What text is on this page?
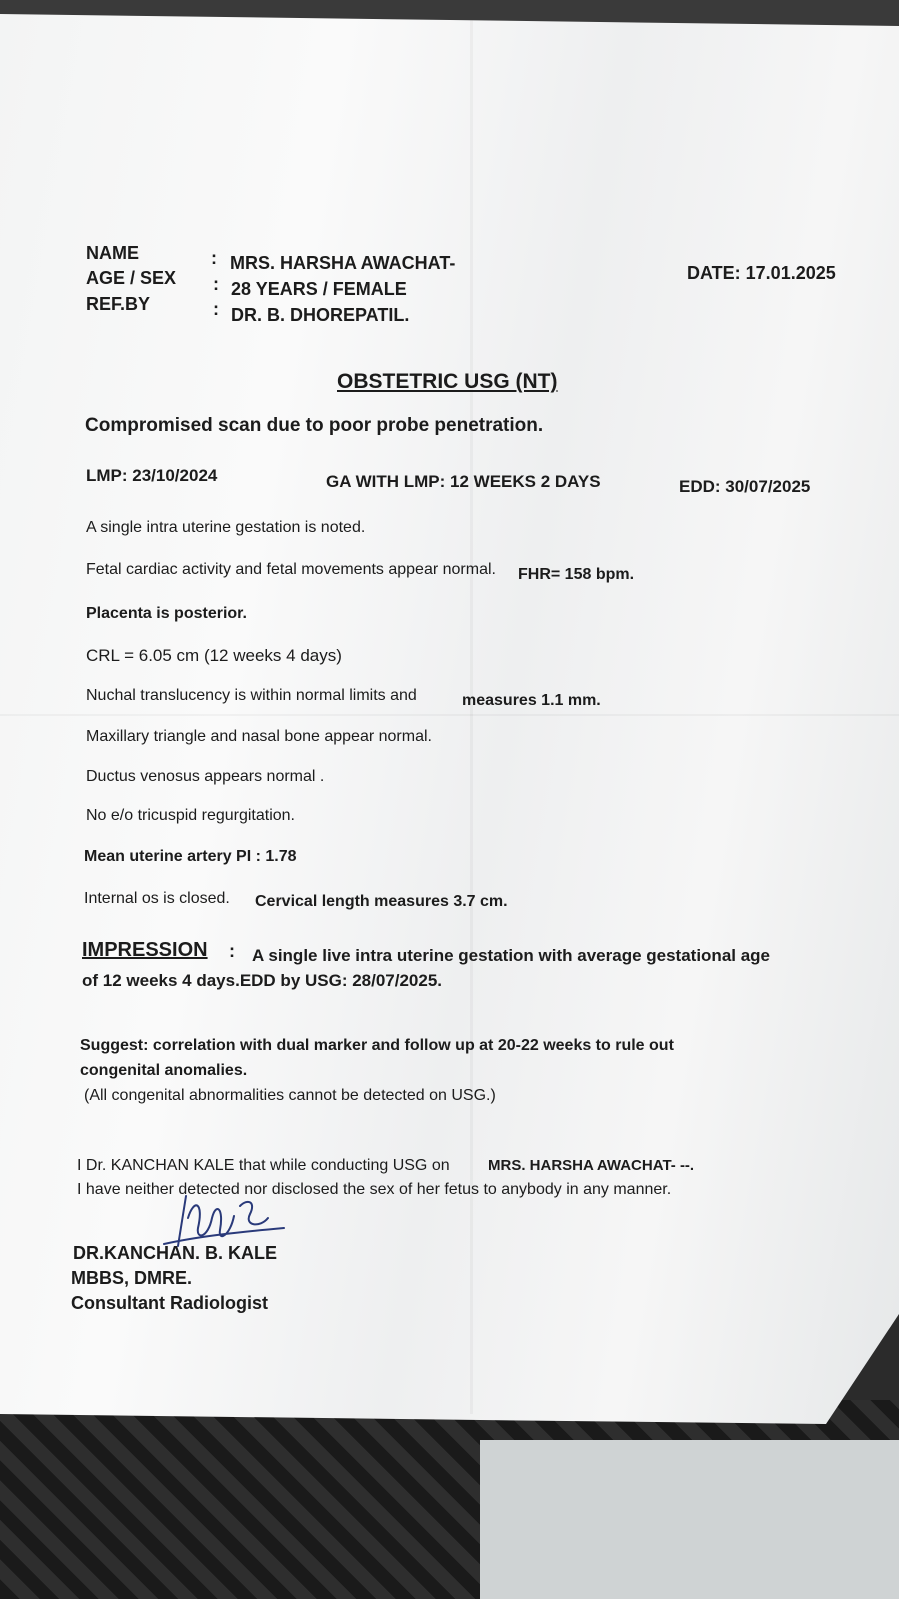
NAME	: MRS. HARSHA AWACHAT-
AGE / SEX : 28 YEARS / FEMALE
REF.BY	: DR. B. DHOREPATIL.
DATE: 17.01.2025
OBSTETRIC USG (NT)
Compromised scan due to poor probe penetration.
LMP: 23/10/2024	GA WITH LMP: 12 WEEKS 2 DAYS	EDD: 30/07/2025
A single intra uterine gestation is noted.
Fetal cardiac activity and fetal movements appear normal. FHR= 158 bpm.
Placenta is posterior.
CRL = 6.05 cm (12 weeks 4 days)
Nuchal translucency is within normal limits and	measures 1.1 mm.
Maxillary triangle and nasal bone appear normal.
Ductus venosus appears normal .
No e/o tricuspid regurgitation.
Mean uterine artery PI : 1.78
Internal os is closed. Cervical length measures 3.7 cm.
IMPRESSION : A single live intra uterine gestation with average gestational age
of 12 weeks 4 days.EDD by USG: 28/07/2025.
Suggest: correlation with dual marker and follow up at 20-22 weeks to rule out
congenital anomalies.
(All congenital abnormalities cannot be detected on USG.)
I Dr. KANCHAN KALE that while conducting USG on	MRS. HARSHA AWACHAT- --.
I have neither detected nor disclosed the sex of her fetus to anybody in any manner.
DR.KANCHAN. B. KALE
MBBS, DMRE.
Consultant Radiologist
